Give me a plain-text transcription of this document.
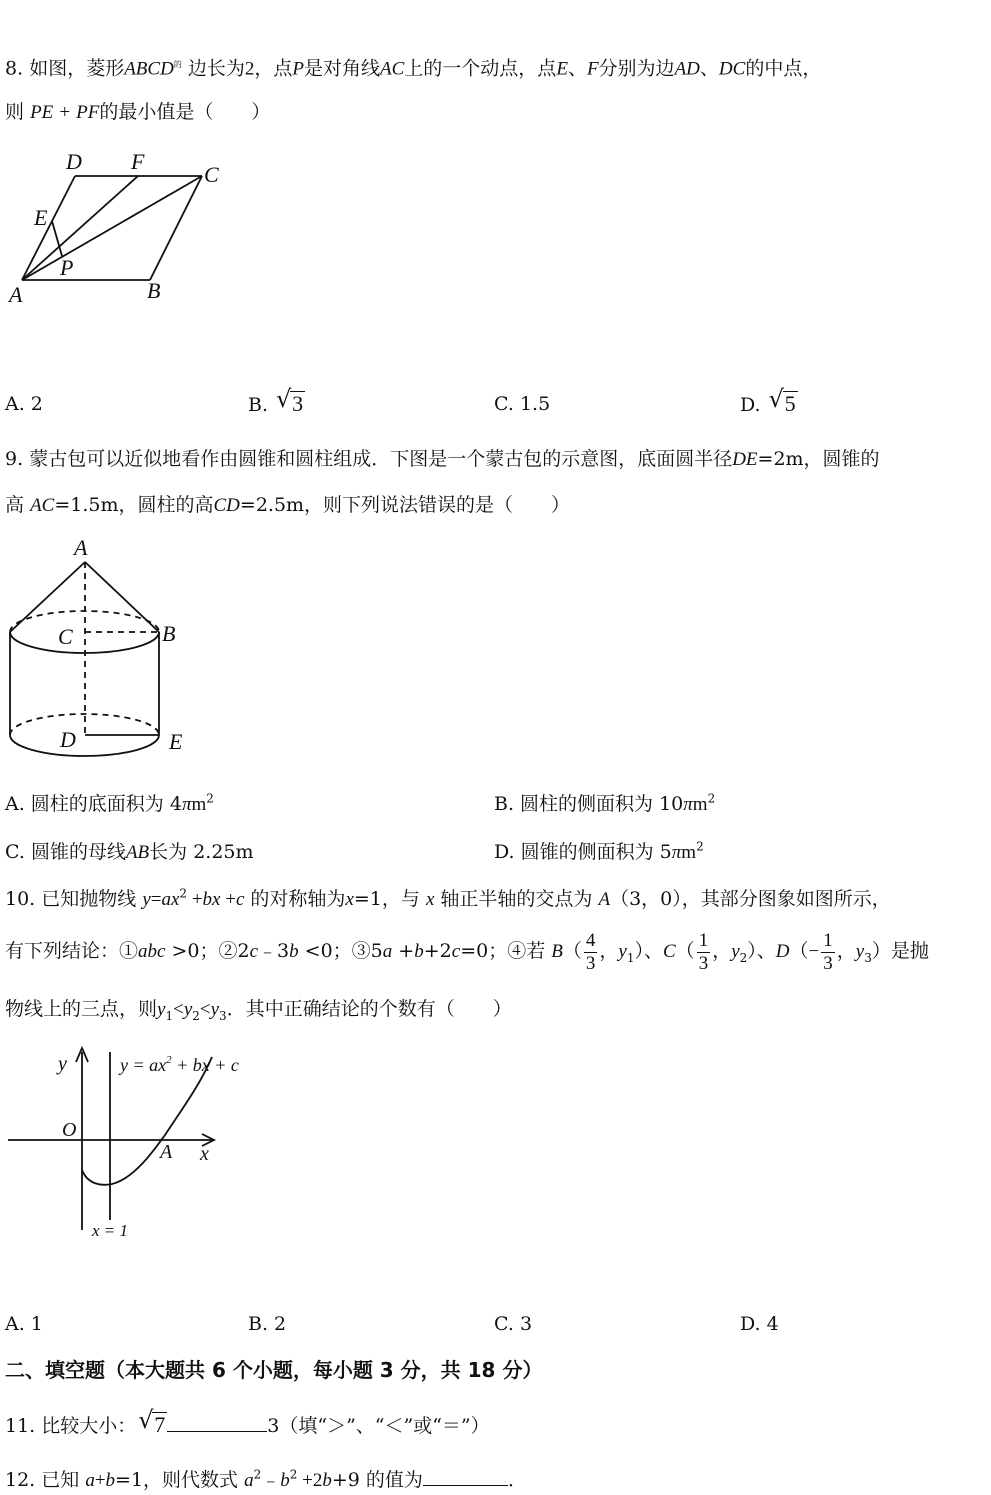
8. 如图，菱形$ABCD^的$ 边长为2，点P是对角线AC上的一个动点，点E、F分别为边AD、DC的中点，
则 PE + PF的最小值是（　　）
D F
C
E
P
A	B
A. 2	B. √ 3	C. 1.5	D. √ 5
9. 蒙古包可以近似地看作由圆锥和圆柱组成．下图是一个蒙古包的示意图，底面圆半径DE=2m，圆锥的
高 AC=1.5m，圆柱的高CD=2.5m，则下列说法错误的是（　　）
A
C	B
D	E
A. 圆柱的底面积为 $4\pi m^2$	B. 圆柱的侧面积为 $10\pi m^2$
C. 圆锥的母线AB长为 2.25m	D. 圆锥的侧面积为 $5\pi m^2$
10. 已知抛物线 $y=ax^2 +bx +c$ 的对称轴为x=1，与 x 轴正半轴的交点为 A（3，0），其部分图象如图所示，
有下列结论：①abc >0；②2c﹣3b <0；③5a +b+2c=0；④若 $B( \frac{4}{3}$ ，$y_1$）、$C( \frac{1}{3}$ ，$y_2$）、$D(- \frac{1}{3}$ ，$y_3$）是抛
物线上的三点，则$y_1<y_2<y_3$．其中正确结论的个数有（　　）
y
O
A x
$y = ax^2$ + bx + c
x = 1
A. 1	B. 2	C. 3	D. 4
二、填空题（本大题共 6 个小题，每小题 3 分，共 18 分）
11. 比较大小： √ 7	3（填“＞”、“＜”或“＝”）
12. 已知 a+b=1，则代数式 $a^2﹣b^2 +2b+9$ 的值为	．
